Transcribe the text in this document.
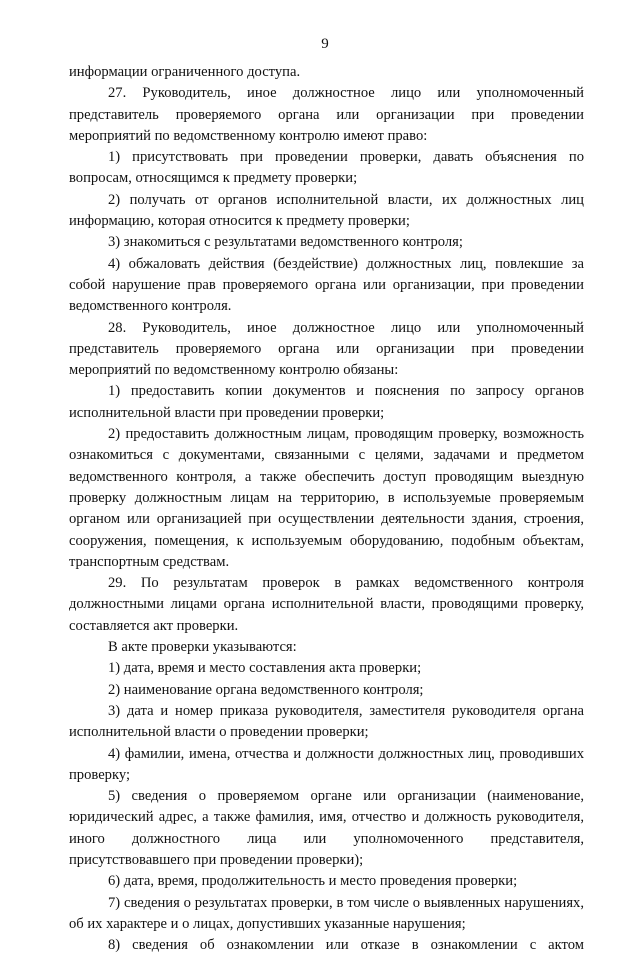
9

информации ограниченного доступа.

27. Руководитель, иное должностное лицо или уполномоченный представитель проверяемого органа или организации при проведении мероприятий по ведомственному контролю имеют право:

1) присутствовать при проведении проверки, давать объяснения по вопросам, относящимся к предмету проверки;

2) получать от органов исполнительной власти, их должностных лиц информацию, которая относится к предмету проверки;

3) знакомиться с результатами ведомственного контроля;

4) обжаловать действия (бездействие) должностных лиц, повлекшие за собой нарушение прав проверяемого органа или организации, при проведении ведомственного контроля.

28. Руководитель, иное должностное лицо или уполномоченный представитель проверяемого органа или организации при проведении мероприятий по ведомственному контролю обязаны:

1) предоставить копии документов и пояснения по запросу органов исполнительной власти при проведении проверки;

2) предоставить должностным лицам, проводящим проверку, возможность ознакомиться с документами, связанными с целями, задачами и предметом ведомственного контроля, а также обеспечить доступ проводящим выездную проверку должностным лицам на территорию, в используемые проверяемым органом или организацией при осуществлении деятельности здания, строения, сооружения, помещения, к используемым оборудованию, подобным объектам, транспортным средствам.

29. По результатам проверок в рамках ведомственного контроля должностными лицами органа исполнительной власти, проводящими проверку, составляется акт проверки.

В акте проверки указываются:

1) дата, время и место составления акта проверки;

2) наименование органа ведомственного контроля;

3) дата и номер приказа руководителя, заместителя руководителя органа исполнительной власти о проведении проверки;

4) фамилии, имена, отчества и должности должностных лиц, проводивших проверку;

5) сведения о проверяемом органе или организации (наименование, юридический адрес, а также фамилия, имя, отчество и должность руководителя, иного должностного лица или уполномоченного представителя, присутствовавшего при проведении проверки);

6) дата, время, продолжительность и место проведения проверки;

7) сведения о результатах проверки, в том числе о выявленных нарушениях, об их характере и о лицах, допустивших указанные нарушения;

8) сведения об ознакомлении или отказе в ознакомлении с актом
